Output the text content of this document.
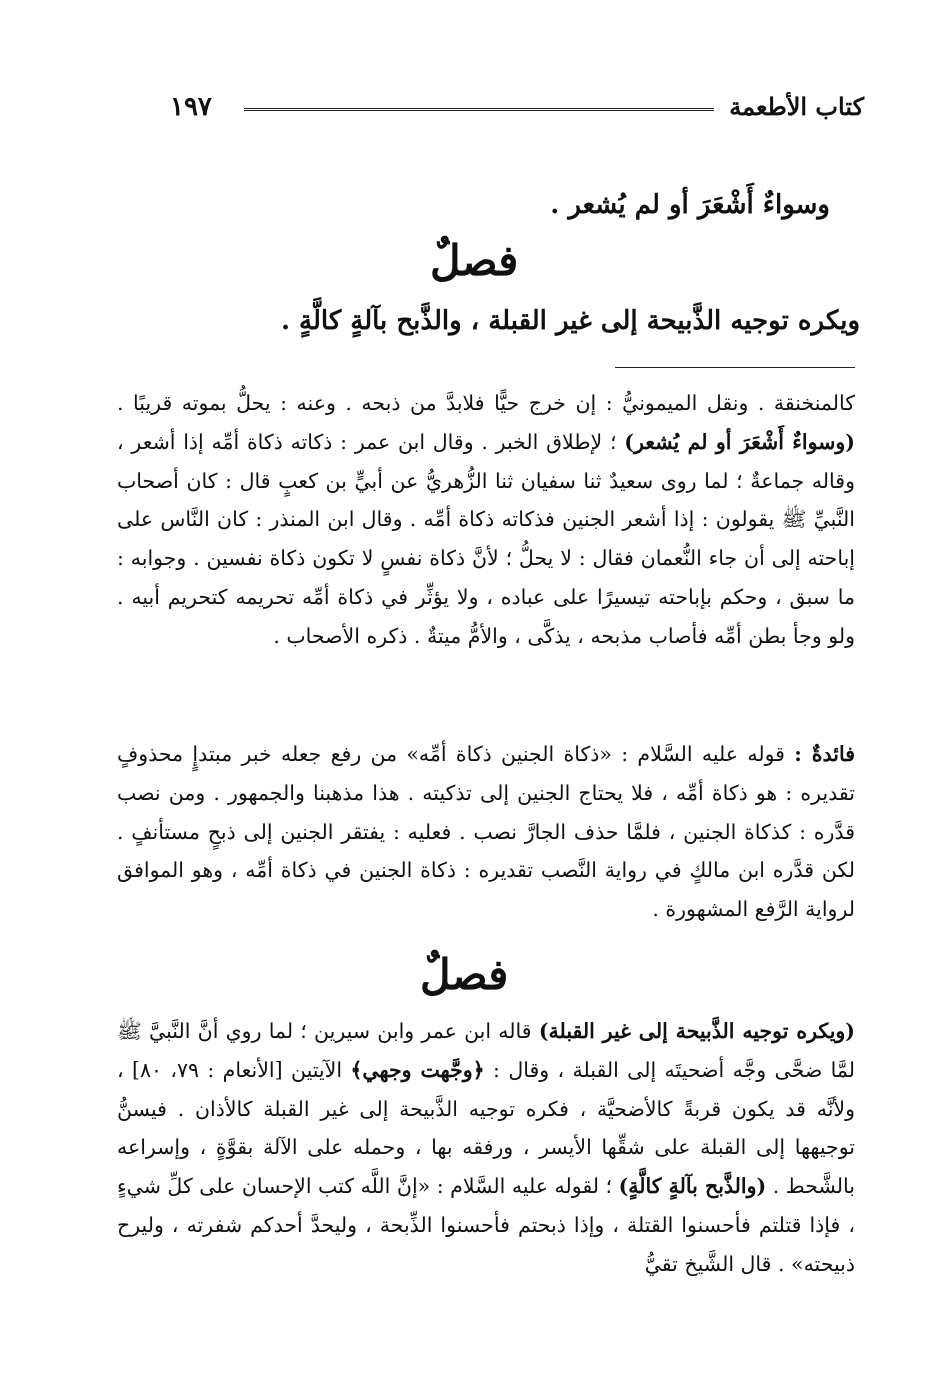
كتاب الأطعمة
١٩٧
وسواءٌ أَشْعَرَ أو لم يُشعر .
فصلٌ
ويكره توجيه الذَّبيحة إلى غير القبلة ، والذَّبح بآلةٍ كالَّةٍ .

كالمنخنقة . ونقل الميمونيُّ : إن خرج حيًّا فلابدَّ من ذبحه . وعنه : يحلُّ بموته قريبًا . (وسواءٌ أَشْعَرَ أو لم يُشعر) ؛ لإطلاق الخبر . وقال ابن عمر : ذكاته ذكاة أمِّه إذا أشعر ، وقاله جماعةٌ ؛ لما روى سعيدٌ ثنا سفيان ثنا الزُّهريُّ عن أبيٍّ بن كعبٍ قال : كان أصحاب النَّبيِّ ﷺ يقولون : إذا أشعر الجنين فذكاته ذكاة أمِّه . وقال ابن المنذر : كان النَّاس على إباحته إلى أن جاء النُّعمان فقال : لا يحلُّ ؛ لأنَّ ذكاة نفسٍ لا تكون ذكاة نفسين . وجوابه : ما سبق ، وحكم بإباحته تيسيرًا على عباده ، ولا يؤثِّر في ذكاة أمِّه تحريمه كتحريم أبيه . ولو وجأ بطن أمِّه فأصاب مذبحه ، يذكَّى ، والأمُّ ميتةٌ . ذكره الأصحاب .

فائدةٌ : قوله عليه السَّلام : «ذكاة الجنين ذكاة أمِّه» من رفع جعله خبر مبتدإٍ محذوفٍ تقديره : هو ذكاة أمِّه ، فلا يحتاج الجنين إلى تذكيته . هذا مذهبنا والجمهور . ومن نصب قدَّره : كذكاة الجنين ، فلمَّا حذف الجارَّ نصب . فعليه : يفتقر الجنين إلى ذبحٍ مستأنفٍ . لكن قدَّره ابن مالكٍ في رواية النَّصب تقديره : ذكاة الجنين في ذكاة أمِّه ، وهو الموافق لرواية الرَّفع المشهورة .

فصلٌ

(ويكره توجيه الذَّبيحة إلى غير القبلة) قاله ابن عمر وابن سيرين ؛ لما روي أنَّ النَّبيَّ ﷺ لمَّا ضحَّى وجَّه أضحيتَه إلى القبلة ، وقال : ﴿وجَّهت وجهي﴾ الآيتين [الأنعام : ٧٩، ٨٠] ، ولأنَّه قد يكون قربةً كالأضحيَّة ، فكره توجيه الذَّبيحة إلى غير القبلة كالأذان . فيسنُّ توجيهها إلى القبلة على شقِّها الأيسر ، ورفقه بها ، وحمله على الآلة بقوَّةٍ ، وإسراعه بالشَّحط . (والذَّبح بآلةٍ كالَّةٍ) ؛ لقوله عليه السَّلام : «إنَّ اللَّه كتب الإحسان على كلِّ شيءٍ ، فإذا قتلتم فأحسنوا القتلة ، وإذا ذبحتم فأحسنوا الذِّبحة ، وليحدَّ أحدكم شفرته ، وليرح ذبيحته» . قال الشَّيخ تقيُّ
